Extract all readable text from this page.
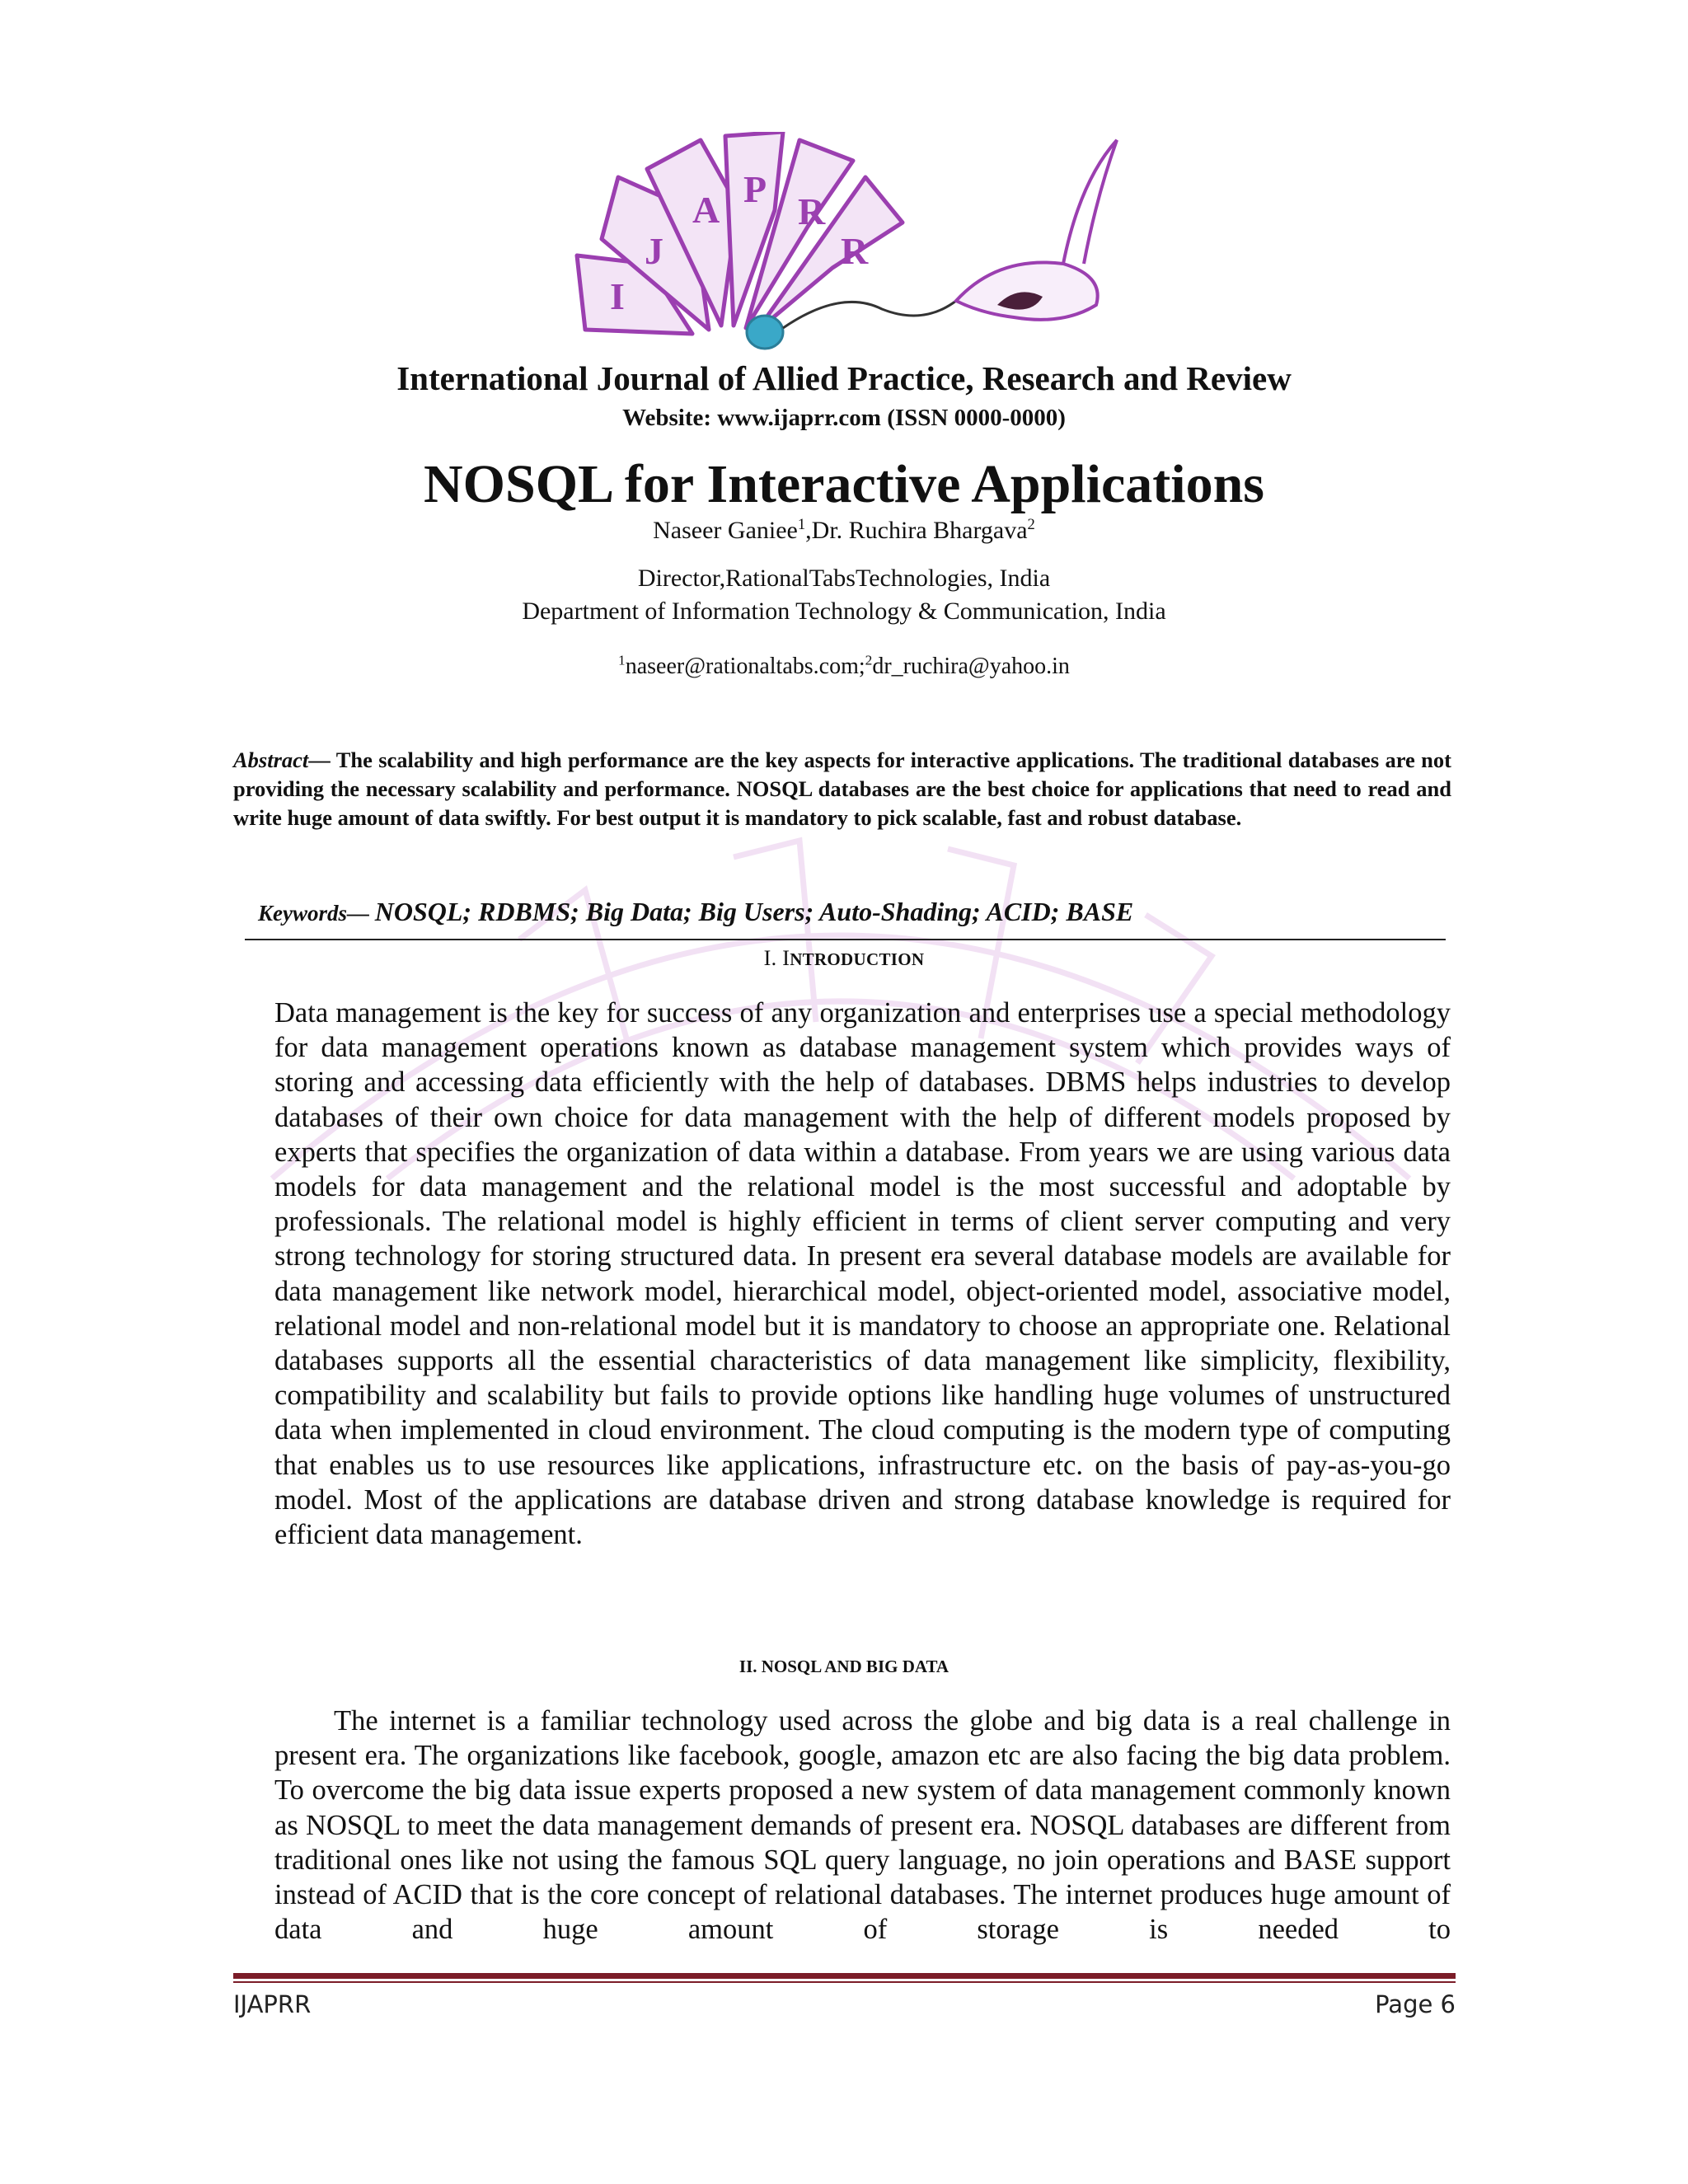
I
J
A P
R
R
International Journal of Allied Practice, Research and Review
Website: www.ijaprr.com (ISSN 0000-0000)
NOSQL for Interactive Applications
Naseer Ganiee$^1$,Dr. Ruchira Bhargava$^2$
Director,RationalTabsTechnologies, India
Department of Information Technology & Communication, India
$^1$naseer@rationaltabs.com;$^2$dr_ruchira@yahoo.in
Abstract— The scalability and high performance are the key aspects for interactive applications. The traditional databases are not providing the necessary scalability and performance. NOSQL databases are the best choice for applications that need to read and write huge amount of data swiftly. For best output it is mandatory to pick scalable, fast and robust database.
Keywords— NOSQL; RDBMS; Big Data; Big Users; Auto-Shading; ACID; BASE
I. INTRODUCTION
Data management is the key for success of any organization and enterprises use a special methodology for data management operations known as database management system which provides ways of storing and accessing data efficiently with the help of databases. DBMS helps industries to develop databases of their own choice for data management with the help of different models proposed by experts that specifies the organization of data within a database. From years we are using various data models for data management and the relational model is the most successful and adoptable by professionals. The relational model is highly efficient in terms of client server computing and very strong technology for storing structured data. In present era several database models are available for data management like network model, hierarchical model, object-oriented model, associative model, relational model and non-relational model but it is mandatory to choose an appropriate one. Relational databases supports all the essential characteristics of data management like simplicity, flexibility, compatibility and scalability but fails to provide options like handling huge volumes of unstructured data when implemented in cloud environment. The cloud computing is the modern type of computing that enables us to use resources like applications, infrastructure etc. on the basis of pay-as-you-go model. Most of the applications are database driven and strong database knowledge is required for efficient data management.
II. NOSQL AND BIG DATA
The internet is a familiar technology used across the globe and big data is a real challenge in present era. The organizations like facebook, google, amazon etc are also facing the big data problem. To overcome the big data issue experts proposed a new system of data management commonly known as NOSQL to meet the data management demands of present era. NOSQL databases are different from traditional ones like not using the famous SQL query language, no join operations and BASE support instead of ACID that is the core concept of relational databases. The internet produces huge amount of data and huge amount of storage is needed to
IJAPRR	Page 6
